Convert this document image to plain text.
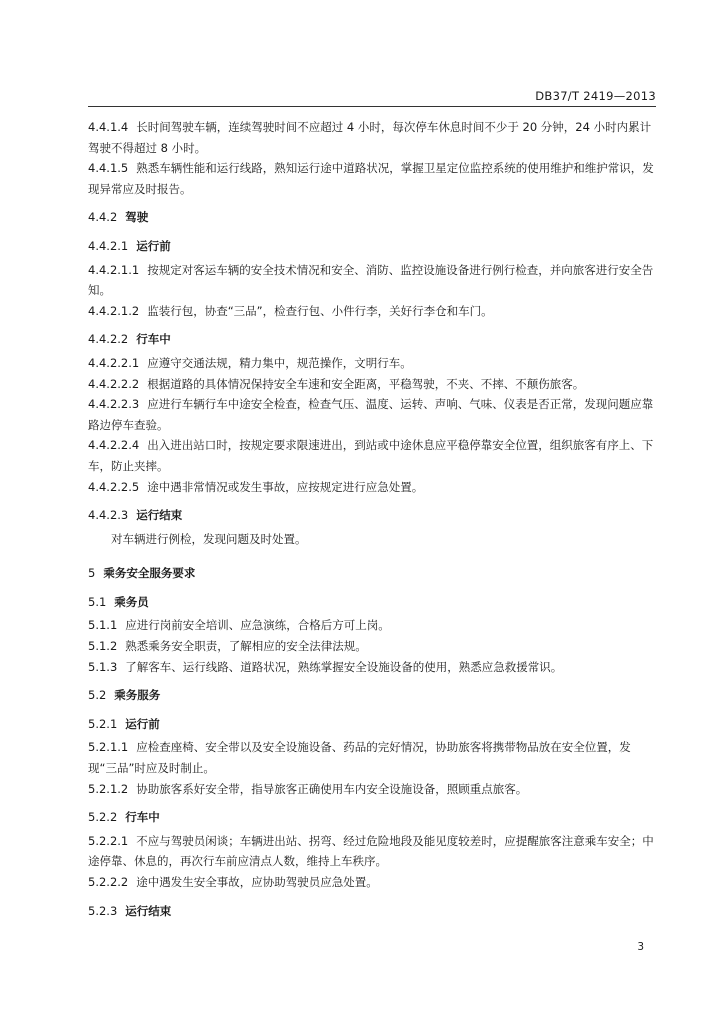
DB37/T 2419—2013

4.4.1.4 长时间驾驶车辆，连续驾驶时间不应超过 4 小时，每次停车休息时间不少于 20 分钟，24 小时内累计驾驶不得超过 8 小时。

4.4.1.5 熟悉车辆性能和运行线路，熟知运行途中道路状况，掌握卫星定位监控系统的使用维护和维护常识，发现异常应及时报告。

4.4.2 驾驶

4.4.2.1 运行前

4.4.2.1.1 按规定对客运车辆的安全技术情况和安全、消防、监控设施设备进行例行检查，并向旅客进行安全告知。

4.4.2.1.2 监装行包，协查“三品”，检查行包、小件行李，关好行李仓和车门。

4.4.2.2 行车中

4.4.2.2.1 应遵守交通法规，精力集中，规范操作，文明行车。

4.4.2.2.2 根据道路的具体情况保持安全车速和安全距离，平稳驾驶，不夹、不摔、不颠伤旅客。

4.4.2.2.3 应进行车辆行车中途安全检查，检查气压、温度、运转、声响、气味、仪表是否正常，发现问题应靠路边停车查验。

4.4.2.2.4 出入进出站口时，按规定要求限速进出，到站或中途休息应平稳停靠安全位置，组织旅客有序上、下车，防止夹摔。

4.4.2.2.5 途中遇非常情况或发生事故，应按规定进行应急处置。

4.4.2.3 运行结束

对车辆进行例检，发现问题及时处置。

5 乘务安全服务要求

5.1 乘务员

5.1.1 应进行岗前安全培训、应急演练，合格后方可上岗。

5.1.2 熟悉乘务安全职责，了解相应的安全法律法规。

5.1.3 了解客车、运行线路、道路状况，熟练掌握安全设施设备的使用，熟悉应急救援常识。

5.2 乘务服务

5.2.1 运行前

5.2.1.1 应检查座椅、安全带以及安全设施设备、药品的完好情况，协助旅客将携带物品放在安全位置，发现“三品”时应及时制止。

5.2.1.2 协助旅客系好安全带，指导旅客正确使用车内安全设施设备，照顾重点旅客。

5.2.2 行车中

5.2.2.1 不应与驾驶员闲谈；车辆进出站、拐弯、经过危险地段及能见度较差时，应提醒旅客注意乘车安全；中途停靠、休息的，再次行车前应清点人数，维持上车秩序。

5.2.2.2 途中遇发生安全事故，应协助驾驶员应急处置。

5.2.3 运行结束

3
